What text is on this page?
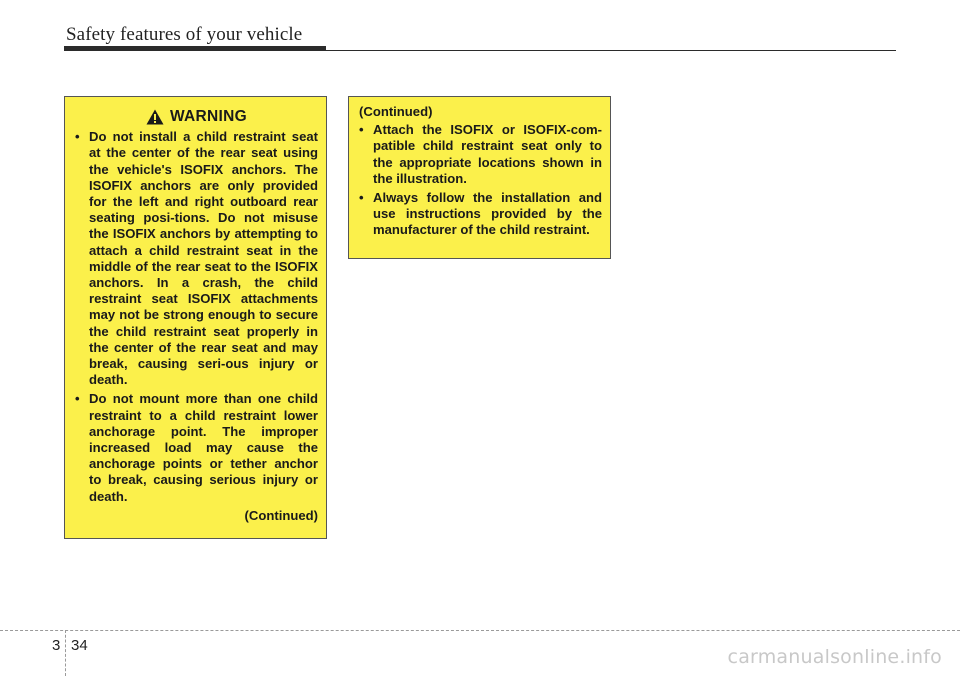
Safety features of your vehicle
WARNING
• Do not install a child restraint seat at the center of the rear seat using the vehicle's ISOFIX anchors. The ISOFIX anchors are only provided for the left and right outboard rear seating posi-tions. Do not misuse the ISOFIX anchors by attempting to attach a child restraint seat in the middle of the rear seat to the ISOFIX anchors. In a crash, the child restraint seat ISOFIX attachments may not be strong enough to secure the child restraint seat properly in the center of the rear seat and may break, causing seri-ous injury or death.
• Do not mount more than one child restraint to a child restraint lower anchorage point. The improper increased load may cause the anchorage points or tether anchor to break, causing serious injury or death.
(Continued)
(Continued)
• Attach the ISOFIX or ISOFIX-com-patible child restraint seat only to the appropriate locations shown in the illustration.
• Always follow the installation and use instructions provided by the manufacturer of the child restraint.
3 34
carmanualsonline.info
